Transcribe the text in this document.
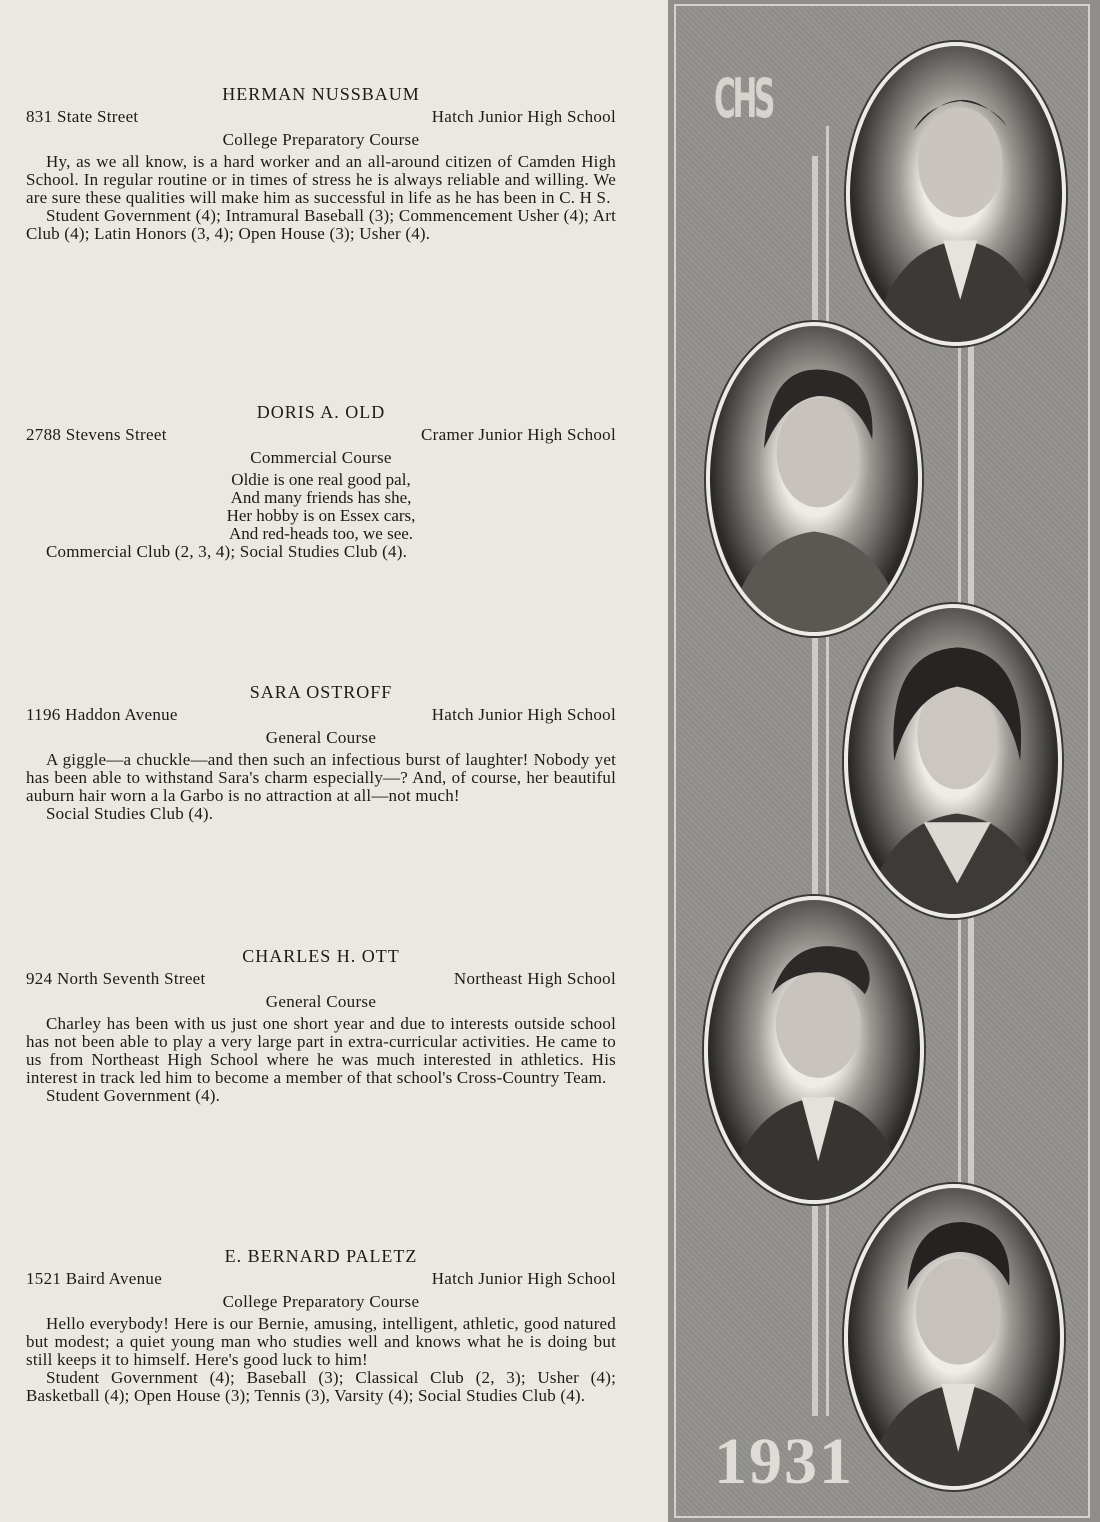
HERMAN NUSSBAUM
831 State Street	Hatch Junior High School
College Preparatory Course

Hy, as we all know, is a hard worker and an all-around citizen of Camden High School. In regular routine or in times of stress he is always reliable and willing. We are sure these qualities will make him as successful in life as he has been in C. H S.

Student Government (4); Intramural Baseball (3); Commencement Usher (4); Art Club (4); Latin Honors (3, 4); Open House (3); Usher (4).

DORIS A. OLD
2788 Stevens Street	Cramer Junior High School
Commercial Course
Oldie is one real good pal,
And many friends has she,
Her hobby is on Essex cars,
And red-heads too, we see.

Commercial Club (2, 3, 4); Social Studies Club (4).

SARA OSTROFF
1196 Haddon Avenue	Hatch Junior High School
General Course

A giggle—a chuckle—and then such an infectious burst of laughter! Nobody yet has been able to withstand Sara's charm especially—? And, of course, her beautiful auburn hair worn a la Garbo is no attraction at all—not much!

Social Studies Club (4).

CHARLES H. OTT
924 North Seventh Street	Northeast High School
General Course

Charley has been with us just one short year and due to interests outside school has not been able to play a very large part in extra-curricular activities. He came to us from Northeast High School where he was much interested in athletics. His interest in track led him to become a member of that school's Cross-Country Team.

Student Government (4).

E. BERNARD PALETZ
1521 Baird Avenue	Hatch Junior High School
College Preparatory Course

Hello everybody! Here is our Bernie, amusing, intelligent, athletic, good natured but modest; a quiet young man who studies well and knows what he is doing but still keeps it to himself. Here's good luck to him!

Student Government (4); Baseball (3); Classical Club (2, 3); Usher (4); Basketball (4); Open House (3); Tennis (3), Varsity (4); Social Studies Club (4).

CHS
1931
